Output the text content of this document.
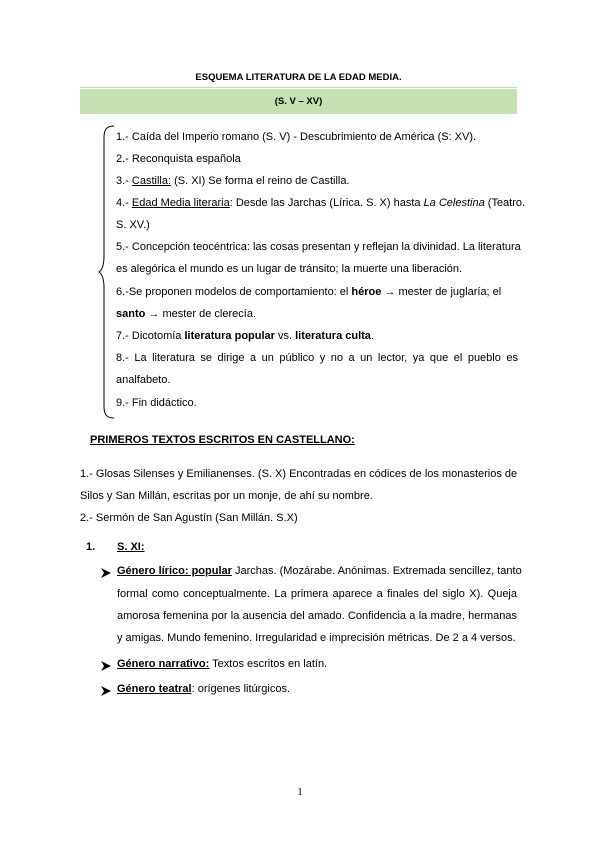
ESQUEMA LITERATURA DE LA EDAD MEDIA.
(S. V – XV)
1.- Caída del Imperio romano (S. V) - Descubrimiento de América (S: XV).
2.- Reconquista española
3.- Castilla: (S. XI) Se forma el reino de Castilla.
4.- Edad Media literaria: Desde las Jarchas (Lírica. S. X) hasta La Celestina (Teatro.
S. XV.)
5.- Concepción teocéntrica: las cosas presentan y reflejan la divinidad. La literatura
es alegórica el mundo es un lugar de tránsito; la muerte una liberación.
6.-Se proponen modelos de comportamiento: el héroe → mester de juglaría; el
santo → mester de clerecía.
7.- Dicotomía literatura popular vs. literatura culta.
8.- La literatura se dirige a un público y no a un lector, ya que el pueblo es
analfabeto.
9.- Fin didáctico.
PRIMEROS TEXTOS ESCRITOS EN CASTELLANO:
1.- Glosas Silenses y Emilianenses. (S. X) Encontradas en códices de los monasterios de
Silos y San Millán, escritas por un monje, de ahí su nombre.
2.- Sermón de San Agustín (San Millán. S.X)
1. S. XI:
Género lírico: popular Jarchas. (Mozárabe. Anónimas. Extremada sencillez, tanto
formal como conceptualmente. La primera aparece a finales del siglo X). Queja
amorosa femenina por la ausencia del amado. Confidencia a la madre, hermanas
y amigas. Mundo femenino. Irregularidad e imprecisión métricas. De 2 a 4 versos.
Género narrativo: Textos escritos en latín.
Género teatral: orígenes litúrgicos.
1
